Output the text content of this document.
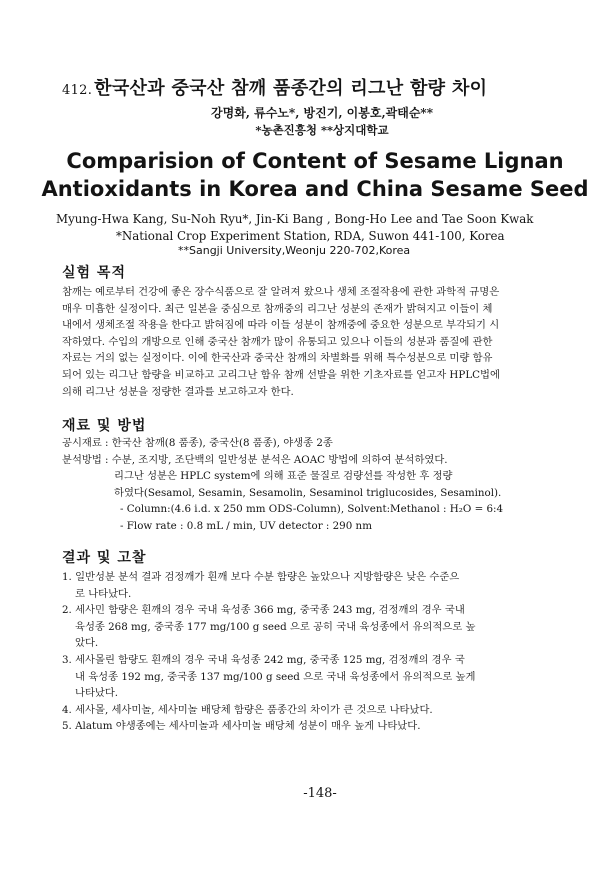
412. 한국산과 중국산 참깨 품종간의 리그난 함량 차이
강명화, 류수노*, 방진기, 이봉호,곽태순**
*농촌진흥청 **상지대학교
Comparision of Content of Sesame Lignan
Antioxidants in Korea and China Sesame Seed
Myung-Hwa Kang, Su-Noh Ryu*, Jin-Ki Bang , Bong-Ho Lee and Tae Soon Kwak
*National Crop Experiment Station, RDA, Suwon 441-100, Korea
**Sangji University,Weonju 220-702,Korea
실험 목적
참깨는 예로부터 건강에 좋은 장수식품으로 잘 알려져 왔으나 생체 조절작용에 관한 과학적 규명은
매우 미흡한 실정이다. 최근 일본을 중심으로 참깨중의 리그난 성분의 존재가 밝혀지고 이들이 체
내에서 생체조절 작용을 한다고 밝혀짐에 따라 이들 성분이 참깨중에 중요한 성분으로 부각되기 시
작하였다. 수입의 개방으로 인해 중국산 참깨가 많이 유통되고 있으나 이들의 성분과 품질에 관한
자료는 거의 없는 실정이다. 이에 한국산과 중국산 참깨의 차별화를 위해 특수성분으로 미량 함유
되어 있는 리그난 함량을 비교하고 고리그난 함유 참깨 선발을 위한 기초자료를 얻고자 HPLC법에
의해 리그난 성분을 정량한 결과를 보고하고자 한다.
재료 및 방법
공시재료 : 한국산 참깨(8 품종), 중국산(8 품종), 야생종 2종
분석방법 : 수분, 조지방, 조단백의 일반성분 분석은 AOAC 방법에 의하여 분석하였다.
리그난 성분은 HPLC system에 의해 표준 물질로 검량선를 작성한 후 정량
하였다(Sesamol, Sesamin, Sesamolin, Sesaminol triglucosides, Sesaminol).
- Column:(4.6 i.d. x 250 mm ODS-Column), Solvent:Methanol : H₂O = 6:4
- Flow rate : 0.8 mL / min, UV detector : 290 nm
결과 및 고찰
1. 일반성분 분석 결과 검정깨가 흰깨 보다 수분 함량은 높았으나 지방함량은 낮은 수준으
로 나타났다.
2. 세사민 함량은 흰깨의 경우 국내 육성종 366 mg, 중국종 243 mg, 검정깨의 경우 국내
육성종 268 mg, 중국종 177 mg/100 g seed 으로 공히 국내 육성종에서 유의적으로 높
았다.
3. 세사몰린 함량도 흰깨의 경우 국내 육성종 242 mg, 중국종 125 mg, 검정깨의 경우 국
내 육성종 192 mg, 중국종 137 mg/100 g seed 으로 국내 육성종에서 유의적으로 높게
나타났다.
4. 세사몰, 세사미놀, 세사미놀 배당체 함량은 품종간의 차이가 큰 것으로 나타났다.
5. Alatum 야생종에는 세사미놀과 세사미놀 배당체 성분이 매우 높게 나타났다.
-148-
